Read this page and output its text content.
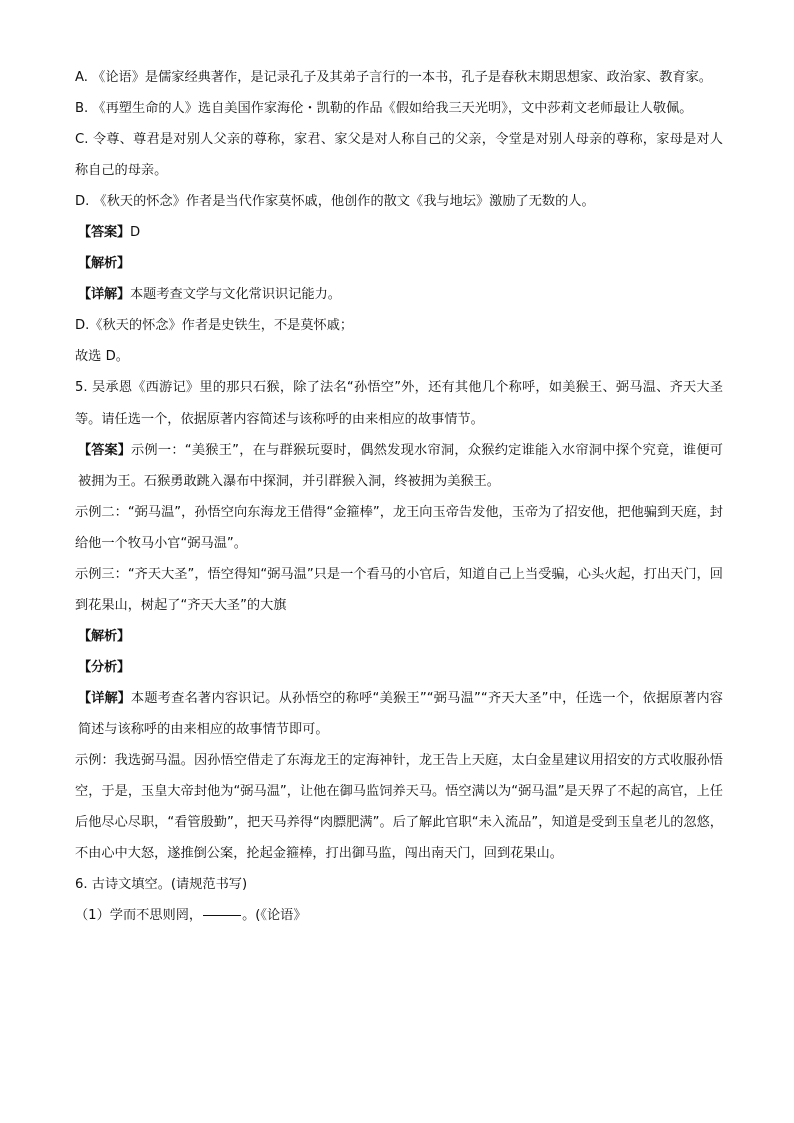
A. 《论语》是儒家经典著作，是记录孔子及其弟子言行的一本书，孔子是春秋末期思想家、政治家、教育家。

B. 《再塑生命的人》选自美国作家海伦・凯勒的作品《假如给我三天光明》，文中莎莉文老师最让人敬佩。

C. 令尊、尊君是对别人父亲的尊称，家君、家父是对人称自己的父亲，令堂是对别人母亲的尊称，家母是对人称自己的母亲。

D. 《秋天的怀念》作者是当代作家莫怀戚，他创作的散文《我与地坛》激励了无数的人。

【答案】D

【解析】

【详解】本题考查文学与文化常识识记能力。

D.《秋天的怀念》作者是史铁生，不是莫怀戚；

故选 D。

5. 吴承恩《西游记》里的那只石猴，除了法名“孙悟空”外，还有其他几个称呼，如美猴王、弼马温、齐天大圣等。请任选一个，依据原著内容简述与该称呼的由来相应的故事情节。

【答案】示例一：“美猴王”，在与群猴玩耍时，偶然发现水帘洞，众猴约定谁能入水帘洞中探个究竟，谁便可被拥为王。石猴勇敢跳入瀑布中探洞，并引群猴入洞，终被拥为美猴王。

示例二：“弼马温”，孙悟空向东海龙王借得“金箍棒”，龙王向玉帝告发他，玉帝为了招安他，把他骗到天庭，封给他一个牧马小官“弼马温”。

示例三：“齐天大圣”，悟空得知“弼马温”只是一个看马的小官后，知道自己上当受骗，心头火起，打出天门，回到花果山，树起了“齐天大圣”的大旗

【解析】

【分析】

【详解】本题考查名著内容识记。从孙悟空的称呼“美猴王”“弼马温”“齐天大圣”中，任选一个，依据原著内容简述与该称呼的由来相应的故事情节即可。

示例：我选弼马温。因孙悟空借走了东海龙王的定海神针，龙王告上天庭，太白金星建议用招安的方式收服孙悟空，于是，玉皇大帝封他为“弼马温”，让他在御马监饲养天马。悟空满以为“弼马温”是天界了不起的高官，上任后他尽心尽职，“看管殷勤”，把天马养得“肉膘肥满”。后了解此官职“未入流品”，知道是受到玉皇老儿的忽悠，不由心中大怒，遂推倒公案，抡起金箍棒，打出御马监，闯出南天门，回到花果山。

6. 古诗文填空。(请规范书写)

（1）学而不思则罔，	。(《论语》
